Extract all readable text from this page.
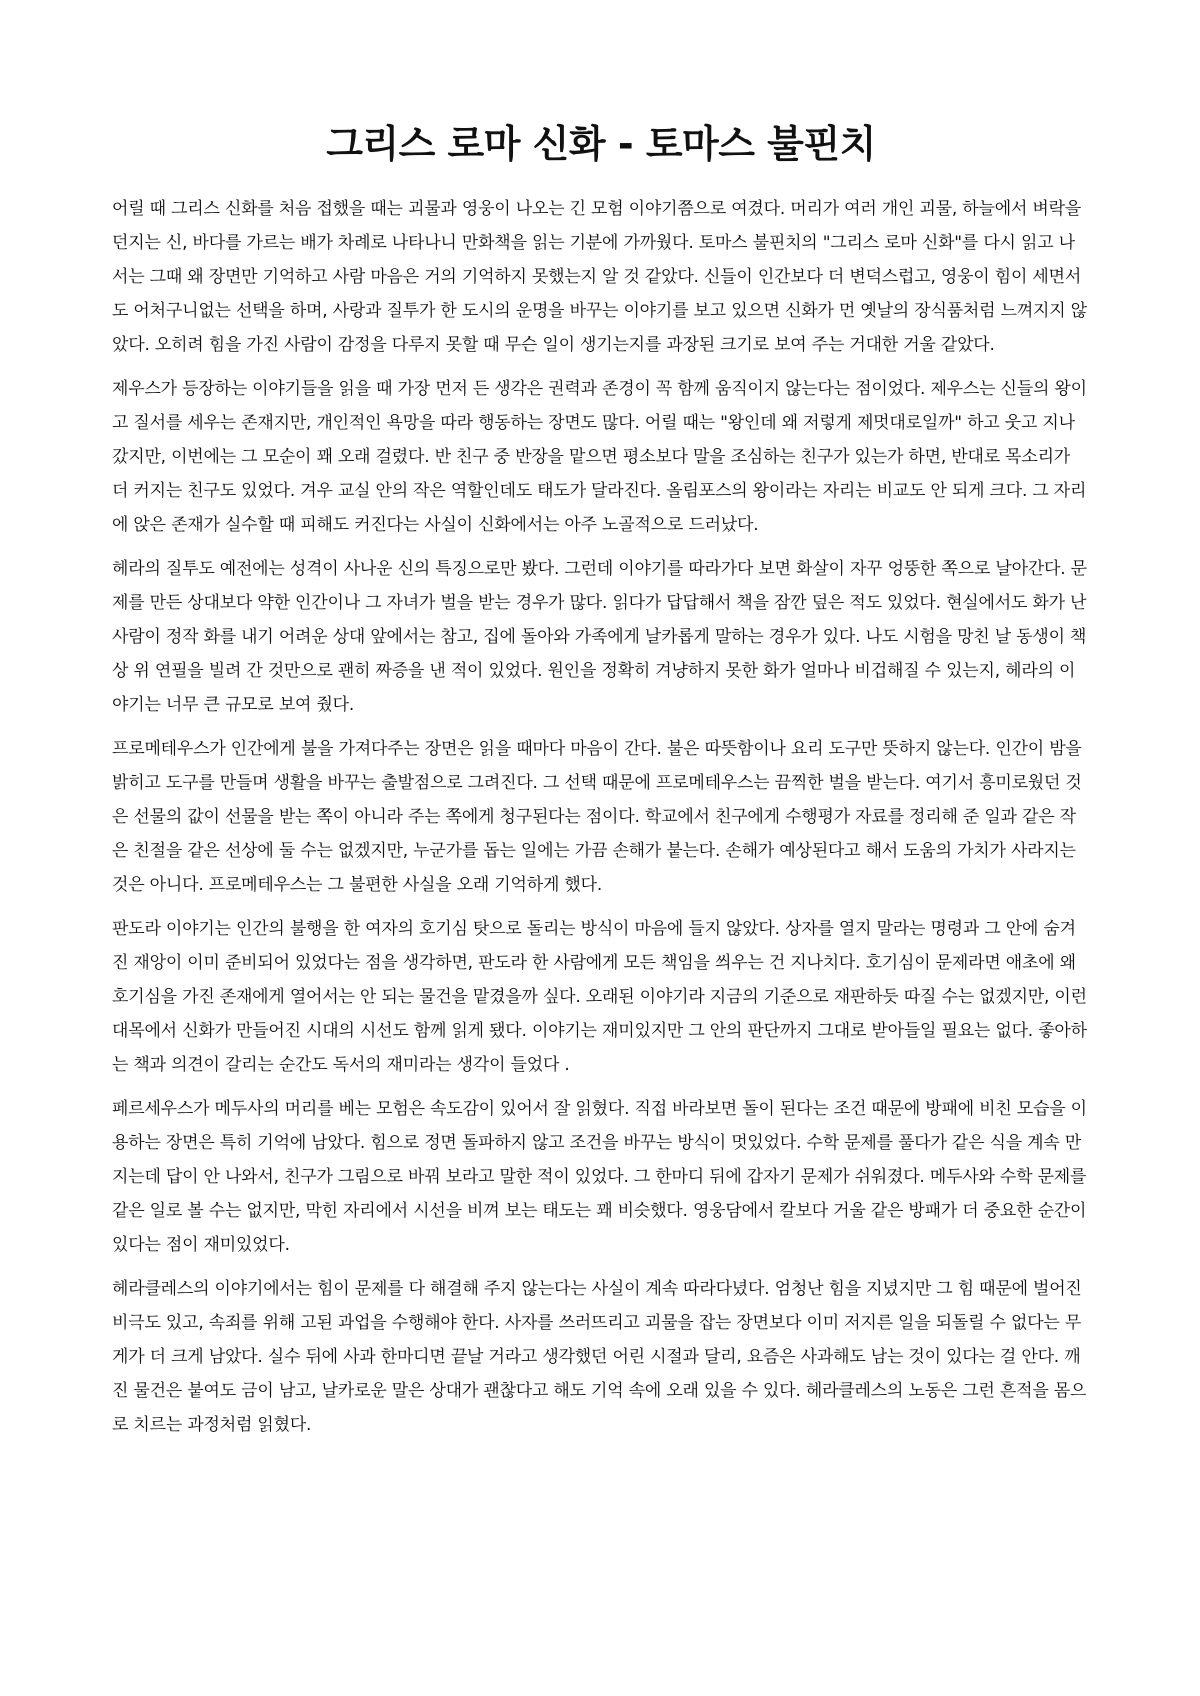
그리스 로마 신화 - 토마스 불핀치

어릴 때 그리스 신화를 처음 접했을 때는 괴물과 영웅이 나오는 긴 모험 이야기쯤으로 여겼다. 머리가 여러 개인 괴물, 하늘에서 벼락을 던지는 신, 바다를 가르는 배가 차례로 나타나니 만화책을 읽는 기분에 가까웠다. 토마스 불핀치의 "그리스 로마 신화"를 다시 읽고 나서는 그때 왜 장면만 기억하고 사람 마음은 거의 기억하지 못했는지 알 것 같았다. 신들이 인간보다 더 변덕스럽고, 영웅이 힘이 세면서도 어처구니없는 선택을 하며, 사랑과 질투가 한 도시의 운명을 바꾸는 이야기를 보고 있으면 신화가 먼 옛날의 장식품처럼 느껴지지 않았다. 오히려 힘을 가진 사람이 감정을 다루지 못할 때 무슨 일이 생기는지를 과장된 크기로 보여 주는 거대한 거울 같았다.

제우스가 등장하는 이야기들을 읽을 때 가장 먼저 든 생각은 권력과 존경이 꼭 함께 움직이지 않는다는 점이었다. 제우스는 신들의 왕이고 질서를 세우는 존재지만, 개인적인 욕망을 따라 행동하는 장면도 많다. 어릴 때는 "왕인데 왜 저렇게 제멋대로일까" 하고 웃고 지나갔지만, 이번에는 그 모순이 꽤 오래 걸렸다. 반 친구 중 반장을 맡으면 평소보다 말을 조심하는 친구가 있는가 하면, 반대로 목소리가 더 커지는 친구도 있었다. 겨우 교실 안의 작은 역할인데도 태도가 달라진다. 올림포스의 왕이라는 자리는 비교도 안 되게 크다. 그 자리에 앉은 존재가 실수할 때 피해도 커진다는 사실이 신화에서는 아주 노골적으로 드러났다.

헤라의 질투도 예전에는 성격이 사나운 신의 특징으로만 봤다. 그런데 이야기를 따라가다 보면 화살이 자꾸 엉뚱한 쪽으로 날아간다. 문제를 만든 상대보다 약한 인간이나 그 자녀가 벌을 받는 경우가 많다. 읽다가 답답해서 책을 잠깐 덮은 적도 있었다. 현실에서도 화가 난 사람이 정작 화를 내기 어려운 상대 앞에서는 참고, 집에 돌아와 가족에게 날카롭게 말하는 경우가 있다. 나도 시험을 망친 날 동생이 책상 위 연필을 빌려 간 것만으로 괜히 짜증을 낸 적이 있었다. 원인을 정확히 겨냥하지 못한 화가 얼마나 비겁해질 수 있는지, 헤라의 이야기는 너무 큰 규모로 보여 줬다.

프로메테우스가 인간에게 불을 가져다주는 장면은 읽을 때마다 마음이 간다. 불은 따뜻함이나 요리 도구만 뜻하지 않는다. 인간이 밤을 밝히고 도구를 만들며 생활을 바꾸는 출발점으로 그려진다. 그 선택 때문에 프로메테우스는 끔찍한 벌을 받는다. 여기서 흥미로웠던 것은 선물의 값이 선물을 받는 쪽이 아니라 주는 쪽에게 청구된다는 점이다. 학교에서 친구에게 수행평가 자료를 정리해 준 일과 같은 작은 친절을 같은 선상에 둘 수는 없겠지만, 누군가를 돕는 일에는 가끔 손해가 붙는다. 손해가 예상된다고 해서 도움의 가치가 사라지는 것은 아니다. 프로메테우스는 그 불편한 사실을 오래 기억하게 했다.

판도라 이야기는 인간의 불행을 한 여자의 호기심 탓으로 돌리는 방식이 마음에 들지 않았다. 상자를 열지 말라는 명령과 그 안에 숨겨진 재앙이 이미 준비되어 있었다는 점을 생각하면, 판도라 한 사람에게 모든 책임을 씌우는 건 지나치다. 호기심이 문제라면 애초에 왜 호기심을 가진 존재에게 열어서는 안 되는 물건을 맡겼을까 싶다. 오래된 이야기라 지금의 기준으로 재판하듯 따질 수는 없겠지만, 이런 대목에서 신화가 만들어진 시대의 시선도 함께 읽게 됐다. 이야기는 재미있지만 그 안의 판단까지 그대로 받아들일 필요는 없다. 좋아하는 책과 의견이 갈리는 순간도 독서의 재미라는 생각이 들었다 .

페르세우스가 메두사의 머리를 베는 모험은 속도감이 있어서 잘 읽혔다. 직접 바라보면 돌이 된다는 조건 때문에 방패에 비친 모습을 이용하는 장면은 특히 기억에 남았다. 힘으로 정면 돌파하지 않고 조건을 바꾸는 방식이 멋있었다. 수학 문제를 풀다가 같은 식을 계속 만지는데 답이 안 나와서, 친구가 그림으로 바꿔 보라고 말한 적이 있었다. 그 한마디 뒤에 갑자기 문제가 쉬워졌다. 메두사와 수학 문제를 같은 일로 볼 수는 없지만, 막힌 자리에서 시선을 비껴 보는 태도는 꽤 비슷했다. 영웅담에서 칼보다 거울 같은 방패가 더 중요한 순간이 있다는 점이 재미있었다.

헤라클레스의 이야기에서는 힘이 문제를 다 해결해 주지 않는다는 사실이 계속 따라다녔다. 엄청난 힘을 지녔지만 그 힘 때문에 벌어진 비극도 있고, 속죄를 위해 고된 과업을 수행해야 한다. 사자를 쓰러뜨리고 괴물을 잡는 장면보다 이미 저지른 일을 되돌릴 수 없다는 무게가 더 크게 남았다. 실수 뒤에 사과 한마디면 끝날 거라고 생각했던 어린 시절과 달리, 요즘은 사과해도 남는 것이 있다는 걸 안다. 깨진 물건은 붙여도 금이 남고, 날카로운 말은 상대가 괜찮다고 해도 기억 속에 오래 있을 수 있다. 헤라클레스의 노동은 그런 흔적을 몸으로 치르는 과정처럼 읽혔다.
